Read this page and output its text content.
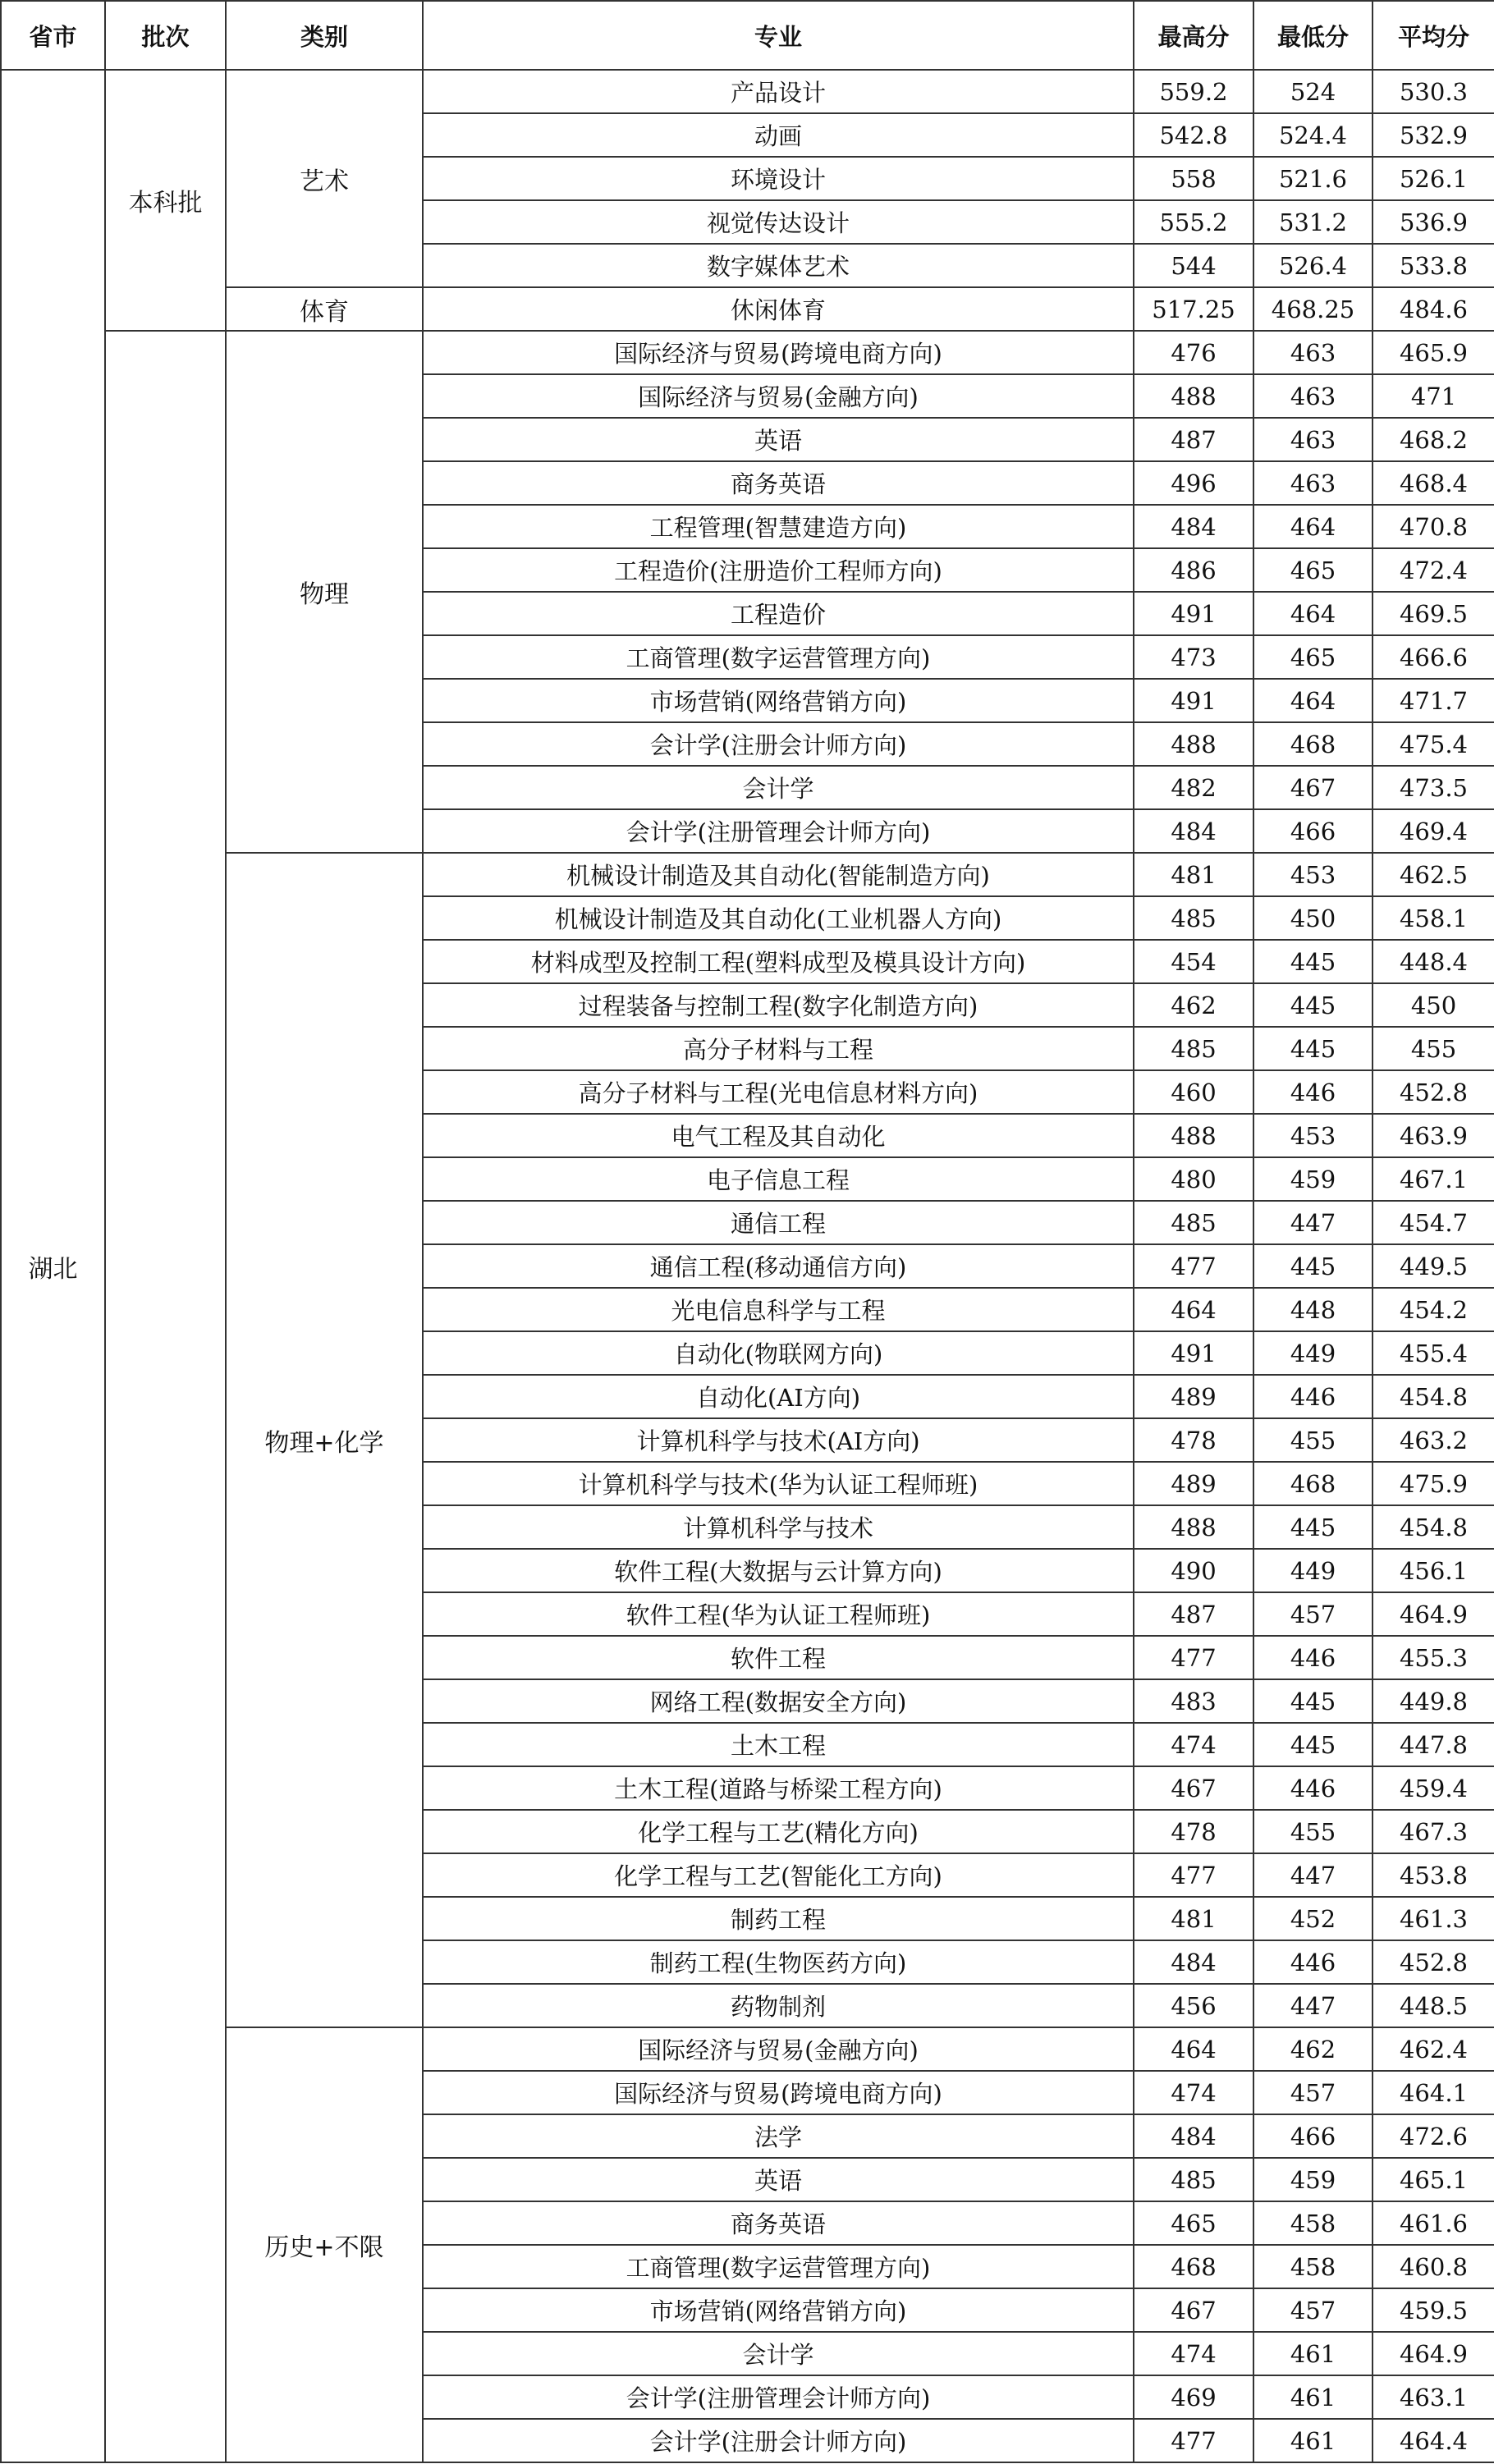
省市	批次	类别	专业	最高分	最低分	平均分
湖北	本科批	艺术	产品设计	559.2	524	530.3
			动画	542.8	524.4	532.9
			环境设计	558	521.6	526.1
			视觉传达设计	555.2	531.2	536.9
			数字媒体艺术	544	526.4	533.8
		体育	休闲体育	517.25	468.25	484.6
		物理	国际经济与贸易(跨境电商方向)	476	463	465.9
			国际经济与贸易(金融方向)	488	463	471
			英语	487	463	468.2
			商务英语	496	463	468.4
			工程管理(智慧建造方向)	484	464	470.8
			工程造价(注册造价工程师方向)	486	465	472.4
			工程造价	491	464	469.5
			工商管理(数字运营管理方向)	473	465	466.6
			市场营销(网络营销方向)	491	464	471.7
			会计学(注册会计师方向)	488	468	475.4
			会计学	482	467	473.5
			会计学(注册管理会计师方向)	484	466	469.4
		物理+化学	机械设计制造及其自动化(智能制造方向)	481	453	462.5
			机械设计制造及其自动化(工业机器人方向)	485	450	458.1
			材料成型及控制工程(塑料成型及模具设计方向)	454	445	448.4
			过程装备与控制工程(数字化制造方向)	462	445	450
			高分子材料与工程	485	445	455
			高分子材料与工程(光电信息材料方向)	460	446	452.8
			电气工程及其自动化	488	453	463.9
			电子信息工程	480	459	467.1
			通信工程	485	447	454.7
			通信工程(移动通信方向)	477	445	449.5
			光电信息科学与工程	464	448	454.2
			自动化(物联网方向)	491	449	455.4
			自动化(AI方向)	489	446	454.8
			计算机科学与技术(AI方向)	478	455	463.2
			计算机科学与技术(华为认证工程师班)	489	468	475.9
			计算机科学与技术	488	445	454.8
			软件工程(大数据与云计算方向)	490	449	456.1
			软件工程(华为认证工程师班)	487	457	464.9
			软件工程	477	446	455.3
			网络工程(数据安全方向)	483	445	449.8
			土木工程	474	445	447.8
			土木工程(道路与桥梁工程方向)	467	446	459.4
			化学工程与工艺(精化方向)	478	455	467.3
			化学工程与工艺(智能化工方向)	477	447	453.8
			制药工程	481	452	461.3
			制药工程(生物医药方向)	484	446	452.8
			药物制剂	456	447	448.5
		历史+不限	国际经济与贸易(金融方向)	464	462	462.4
			国际经济与贸易(跨境电商方向)	474	457	464.1
			法学	484	466	472.6
			英语	485	459	465.1
			商务英语	465	458	461.6
			工商管理(数字运营管理方向)	468	458	460.8
			市场营销(网络营销方向)	467	457	459.5
			会计学	474	461	464.9
			会计学(注册管理会计师方向)	469	461	463.1
			会计学(注册会计师方向)	477	461	464.4
